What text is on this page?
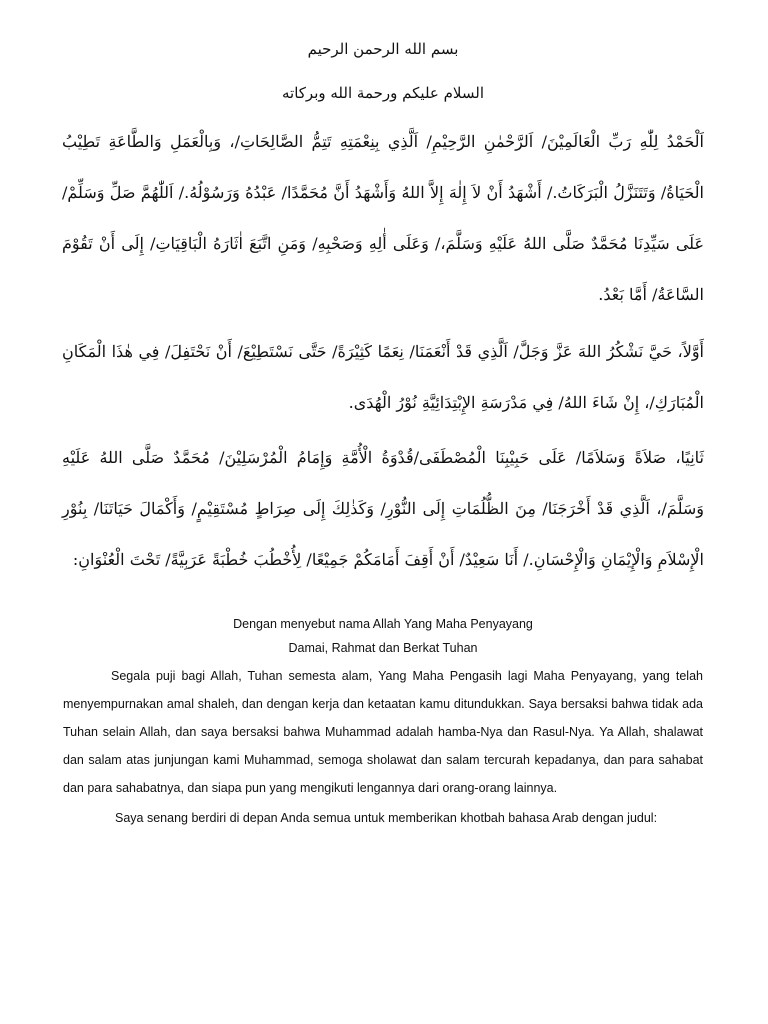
بسم الله الرحمن الرحيم

السلام عليكم ورحمة الله وبركاته

اَلْحَمْدُ لِلّٰهِ رَبِّ الْعَالَمِيْنَ/ اَلرَّحْمٰنِ الرَّحِيْمِ/ اَلَّذِي بِنِعْمَتِهِ تَتِمُّ الصَّالِحَاتِ/، وَبِالْعَمَلِ وَالطَّاعَةِ تَطِيْبُ الْحَيَاةُ/ وَتَتَنَزَّلُ الْبَرَكَاتُ./ أَشْهَدُ أَنْ لاَ إِلٰهَ إِلاَّ اللهُ وَأَشْهَدُ أَنَّ مُحَمَّدًا/ عَبْدُهُ وَرَسُوْلُهُ./ اَللّٰهُمَّ صَلِّ وَسَلِّمْ/ عَلَى سَيِّدِنَا مُحَمَّدٌ صَلَّى اللهُ عَلَيْهِ وَسَلَّمَ،/ وَعَلَى أٰلِهِ وَصَحْبِهِ/ وَمَنِ اتَّبَعَ اٰثَارَهُ الْبَاقِيَاتِ/ إِلَى أَنْ تَقُوْمَ السَّاعَةُ/ أَمَّا بَعْدُ.

أَوَّلاً، حَيَّ نَشْكُرُ اللهَ عَزَّ وَجَلَّ/ اَلَّذِي قَدْ أَنْعَمَنَا/ نِعَمًا كَثِيْرَةً/ حَتَّى نَسْتَطِيْعَ/ أَنْ نَحْتَفِلَ/ فِي هٰذَا الْمَكَانِ الْمُبَارَكِ/، إِنْ شَاءَ اللهُ/ فِي مَدْرَسَةِ الإِبْتِدَائِيَّةِ نُوْرُ الْهُدَى.

ثَانِيًا، صَلاَةً وَسَلاَمًا/ عَلَى حَبِيْبِنَا الْمُصْطَفَى/قُدْوَةُ الْأُمَّةِ وَإِمَامُ الْمُرْسَلِيْنَ/ مُحَمَّدٌ صَلَّى اللهُ عَلَيْهِ وَسَلَّمَ/، اَلَّذِي قَدْ أَخْرَجَنَا/ مِنَ الظُّلُمَاتِ إِلَى النُّوْرِ/ وَكَذٰلِكَ إِلَى صِرَاطٍ مُسْتَقِيْمٍ/ وَأَكْمَالَ حَيَاتَنَا/ بِنُوْرِ الْإِسْلاَمِ وَالْإِيْمَانِ وَالْإِحْسَانِ./ أَنَا سَعِيْدٌ/ أَنْ أَقِفَ أَمَامَكُمْ جَمِيْعًا/ لِأُخْطُبَ خُطْبَةً عَرَبِيَّةً/ تَحْتَ الْعُنْوَانِ:

Dengan menyebut nama Allah Yang Maha Penyayang

Damai, Rahmat dan Berkat Tuhan

Segala puji bagi Allah, Tuhan semesta alam, Yang Maha Pengasih lagi Maha Penyayang, yang telah menyempurnakan amal shaleh, dan dengan kerja dan ketaatan kamu ditundukkan. Saya bersaksi bahwa tidak ada Tuhan selain Allah, dan saya bersaksi bahwa Muhammad adalah hamba-Nya dan Rasul-Nya. Ya Allah, shalawat dan salam atas junjungan kami Muhammad, semoga sholawat dan salam tercurah kepadanya, dan para sahabat dan para sahabatnya, dan siapa pun yang mengikuti lengannya dari orang-orang lainnya.

Saya senang berdiri di depan Anda semua untuk memberikan khotbah bahasa Arab dengan judul:
